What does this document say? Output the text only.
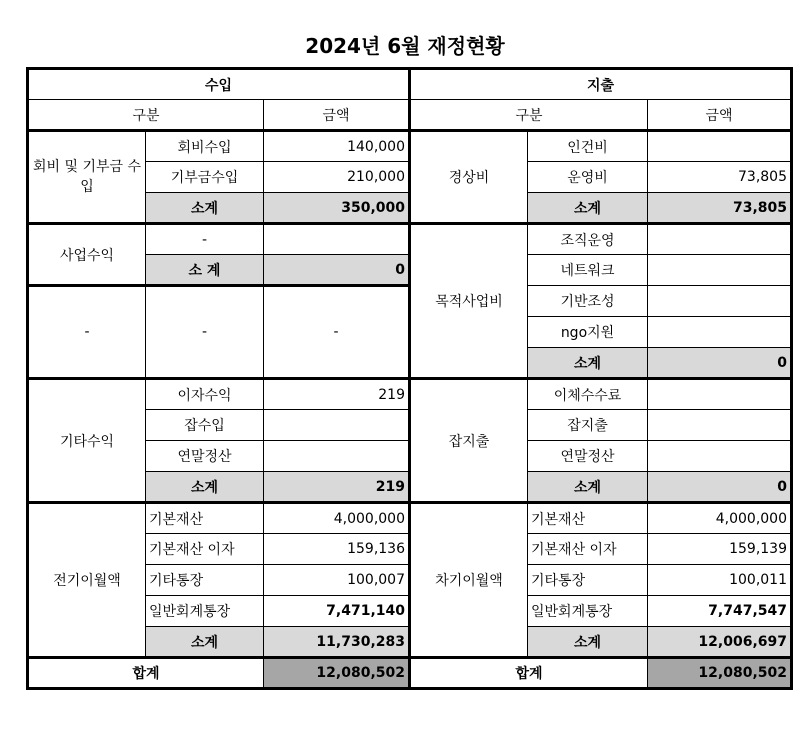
2024년 6월 재정현황
수입			지출		
구분		금액	구분		금액
회비 및 기부금 수입	회비수입	140,000	경상비	인건비	
	기부금수입	210,000		운영비	73,805
	소계	350,000		소계	73,805
사업수익	-		목적사업비	조직운영	
	소 계	0		네트워크	
-	-	-		기반조성	
				ngo지원	
				소계	0
기타수익	이자수익	219	잡지출	이체수수료	
	잡수입			잡지출	
	연말정산			연말정산	
	소계	219		소계	0
전기이월액	기본재산	4,000,000	차기이월액	기본재산	4,000,000
	기본재산 이자	159,136		기본재산 이자	159,139
	기타통장	100,007		기타통장	100,011
	일반회계통장	7,471,140		일반회계통장	7,747,547
	소계	11,730,283		소계	12,006,697
합계		12,080,502	합계		12,080,502
